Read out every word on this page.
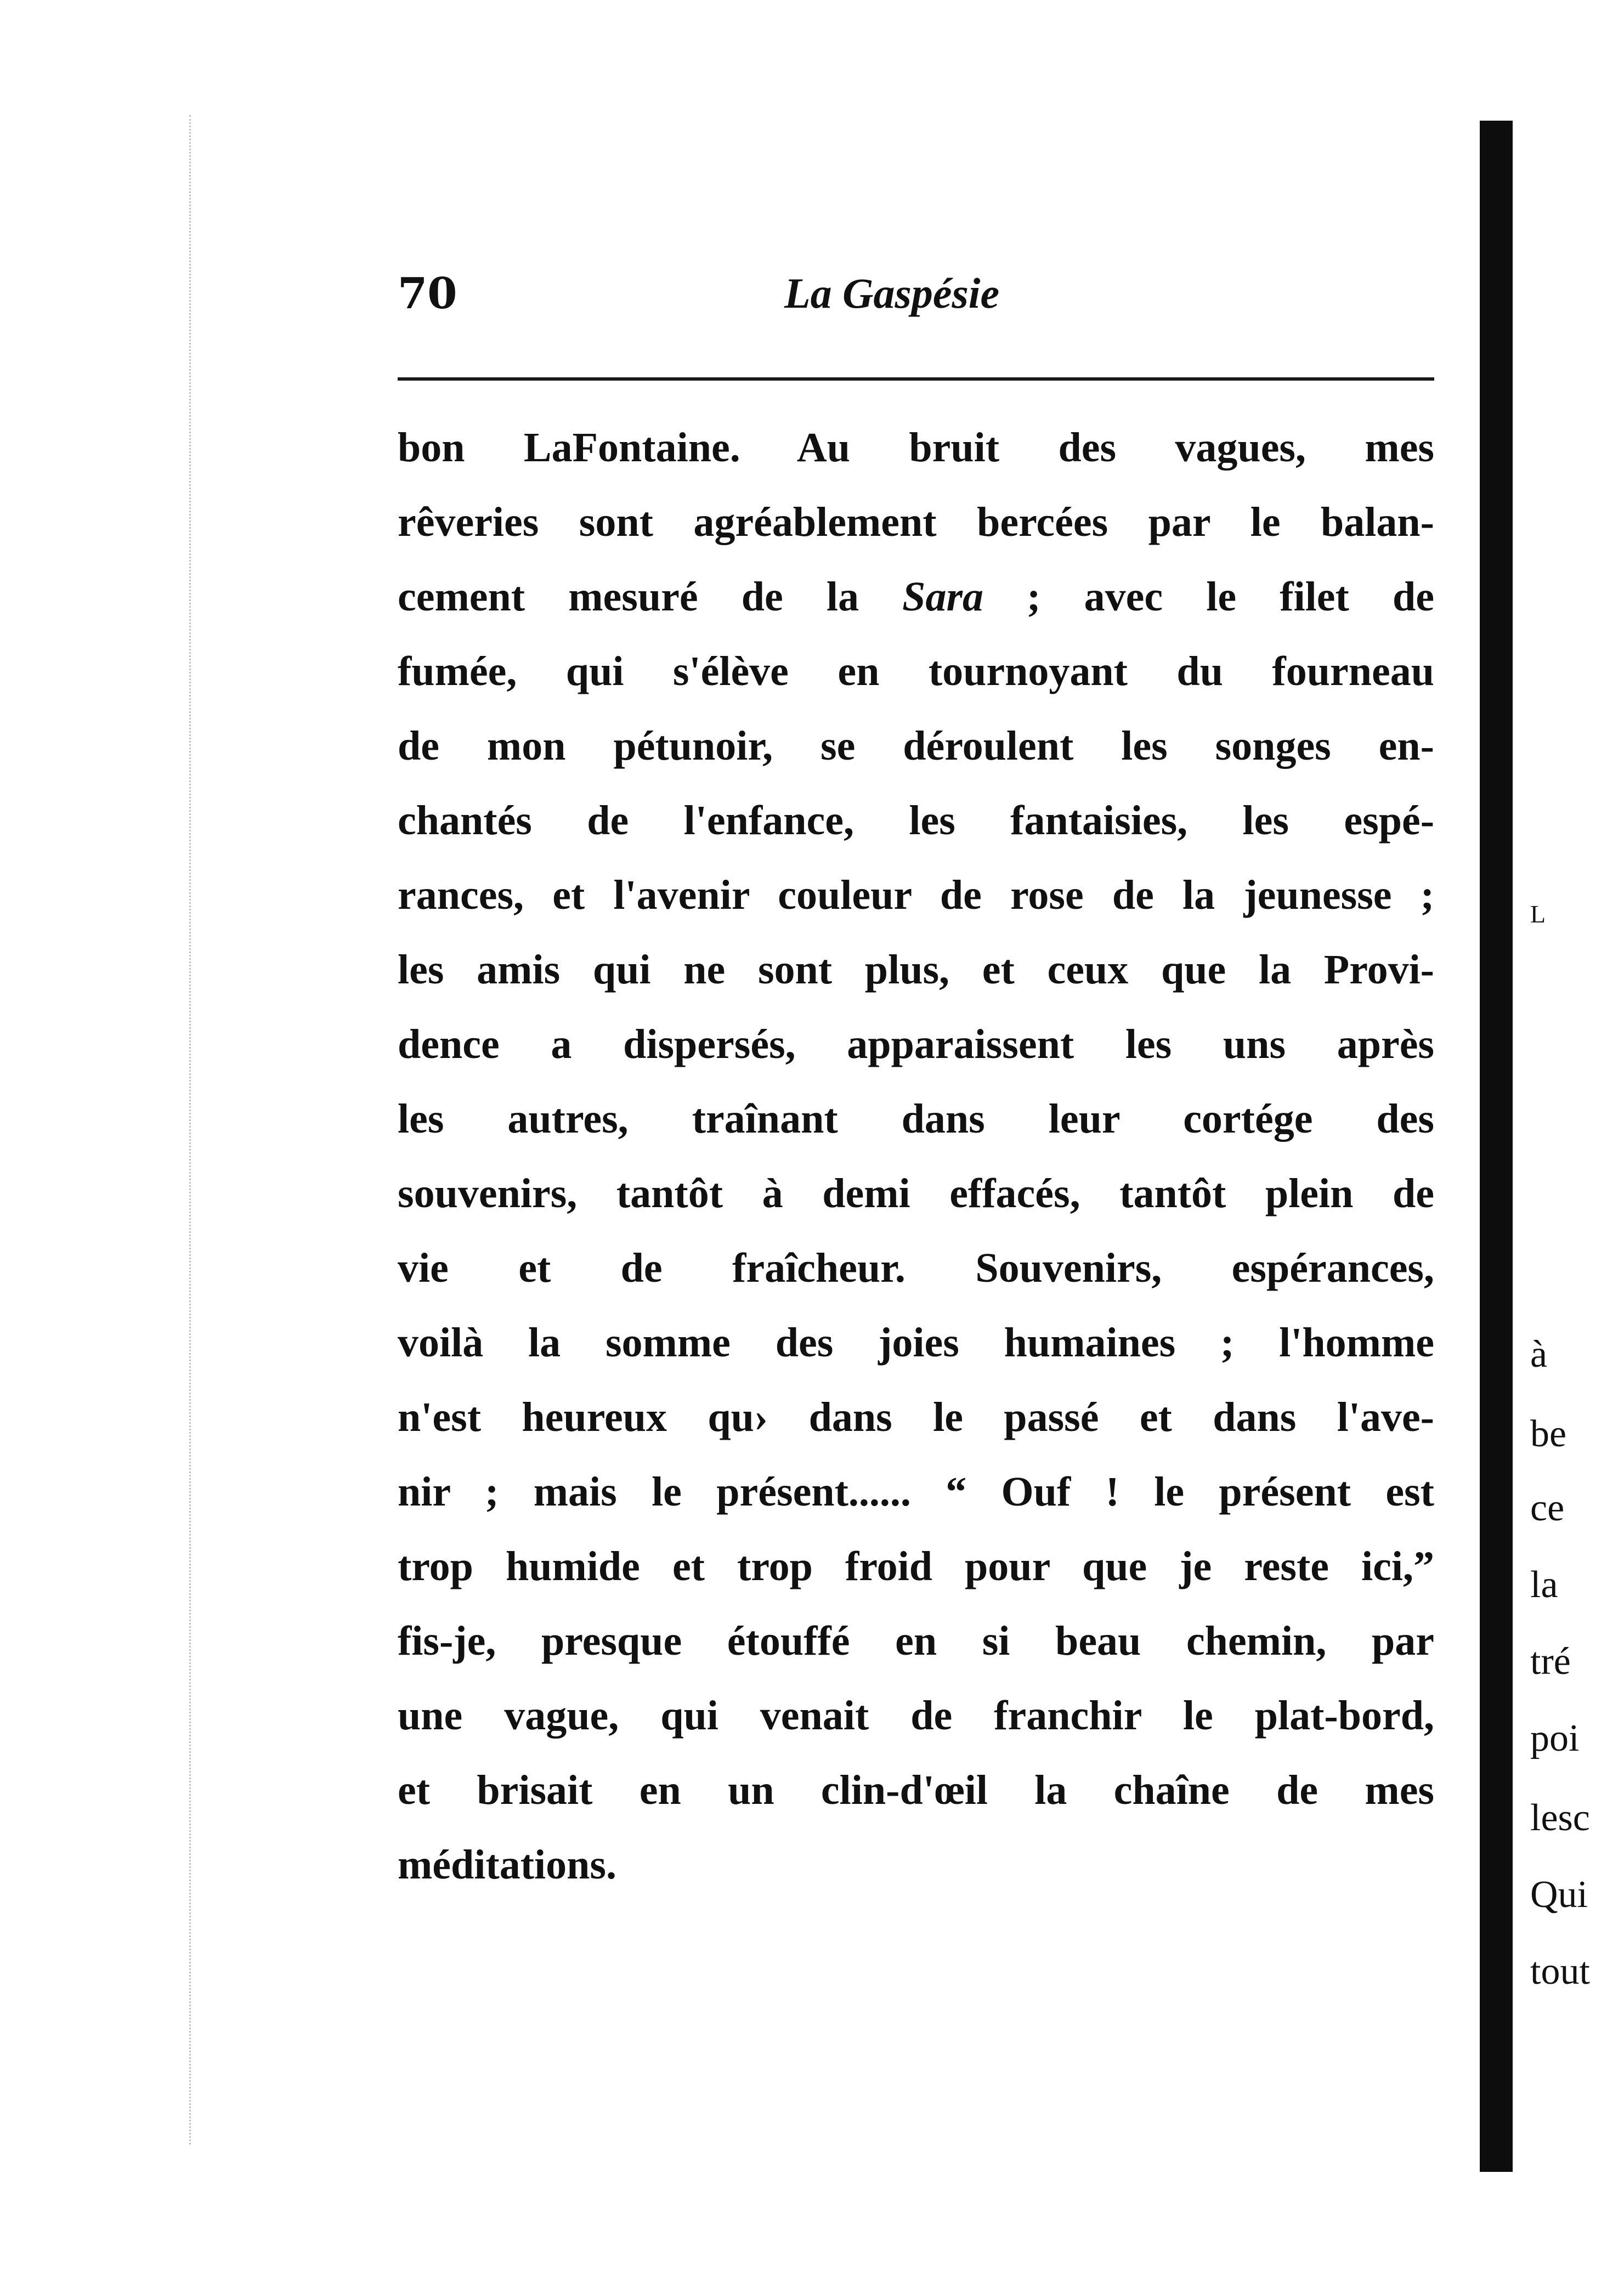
70	La Gaspésie
bon LaFontaine. Au bruit des vagues, mes
rêveries sont agréablement bercées par le balan-
cement mesuré de la Sara ; avec le filet de
fumée, qui s'élève en tournoyant du fourneau
de mon pétunoir, se déroulent les songes en-
chantés de l'enfance, les fantaisies, les espé-
rances, et l'avenir couleur de rose de la jeunesse ;
les amis qui ne sont plus, et ceux que la Provi-
dence a dispersés, apparaissent les uns après
les autres, traînant dans leur cortége des
souvenirs, tantôt à demi effacés, tantôt plein de
vie et de fraîcheur. Souvenirs, espérances,
voilà la somme des joies humaines ; l'homme
n'est heureux qu› dans le passé et dans l'ave-
nir ; mais le présent...... “ Ouf ! le présent est
trop humide et trop froid pour que je reste ici,”
fis-je, presque étouffé en si beau chemin, par
une vague, qui venait de franchir le plat-bord,
et brisait en un clin-d'œil la chaîne de mes
méditations.
L
à
be
ce
la
tré
poi
lesc
Qui
tout
